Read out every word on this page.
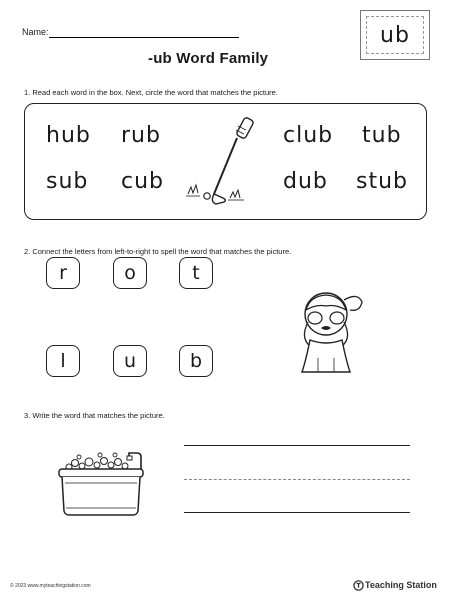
Name:
-ub Word Family
ub
1. Read each word in the box. Next, circle the word that matches the picture.
hub rub	club tub
sub cub	dub stub
2. Connect the letters from left-to-right to spell the word that matches the picture.
r	o	t
l	u	b
3. Write the word that matches the picture.
© 2023 www.myteachingstation.com	Teaching Station
